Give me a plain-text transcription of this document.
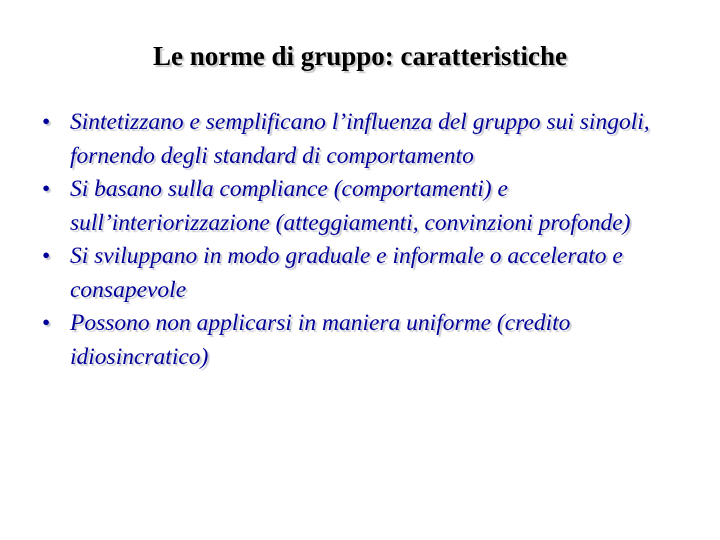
Le norme di gruppo: caratteristiche
• Sintetizzano e semplificano l’influenza del gruppo sui singoli, fornendo degli standard di comportamento
• Si basano sulla compliance (comportamenti) e sull’interiorizzazione (atteggiamenti, convinzioni profonde)
• Si sviluppano in modo graduale e informale o accelerato e consapevole
• Possono non applicarsi in maniera uniforme (credito idiosincratico)
